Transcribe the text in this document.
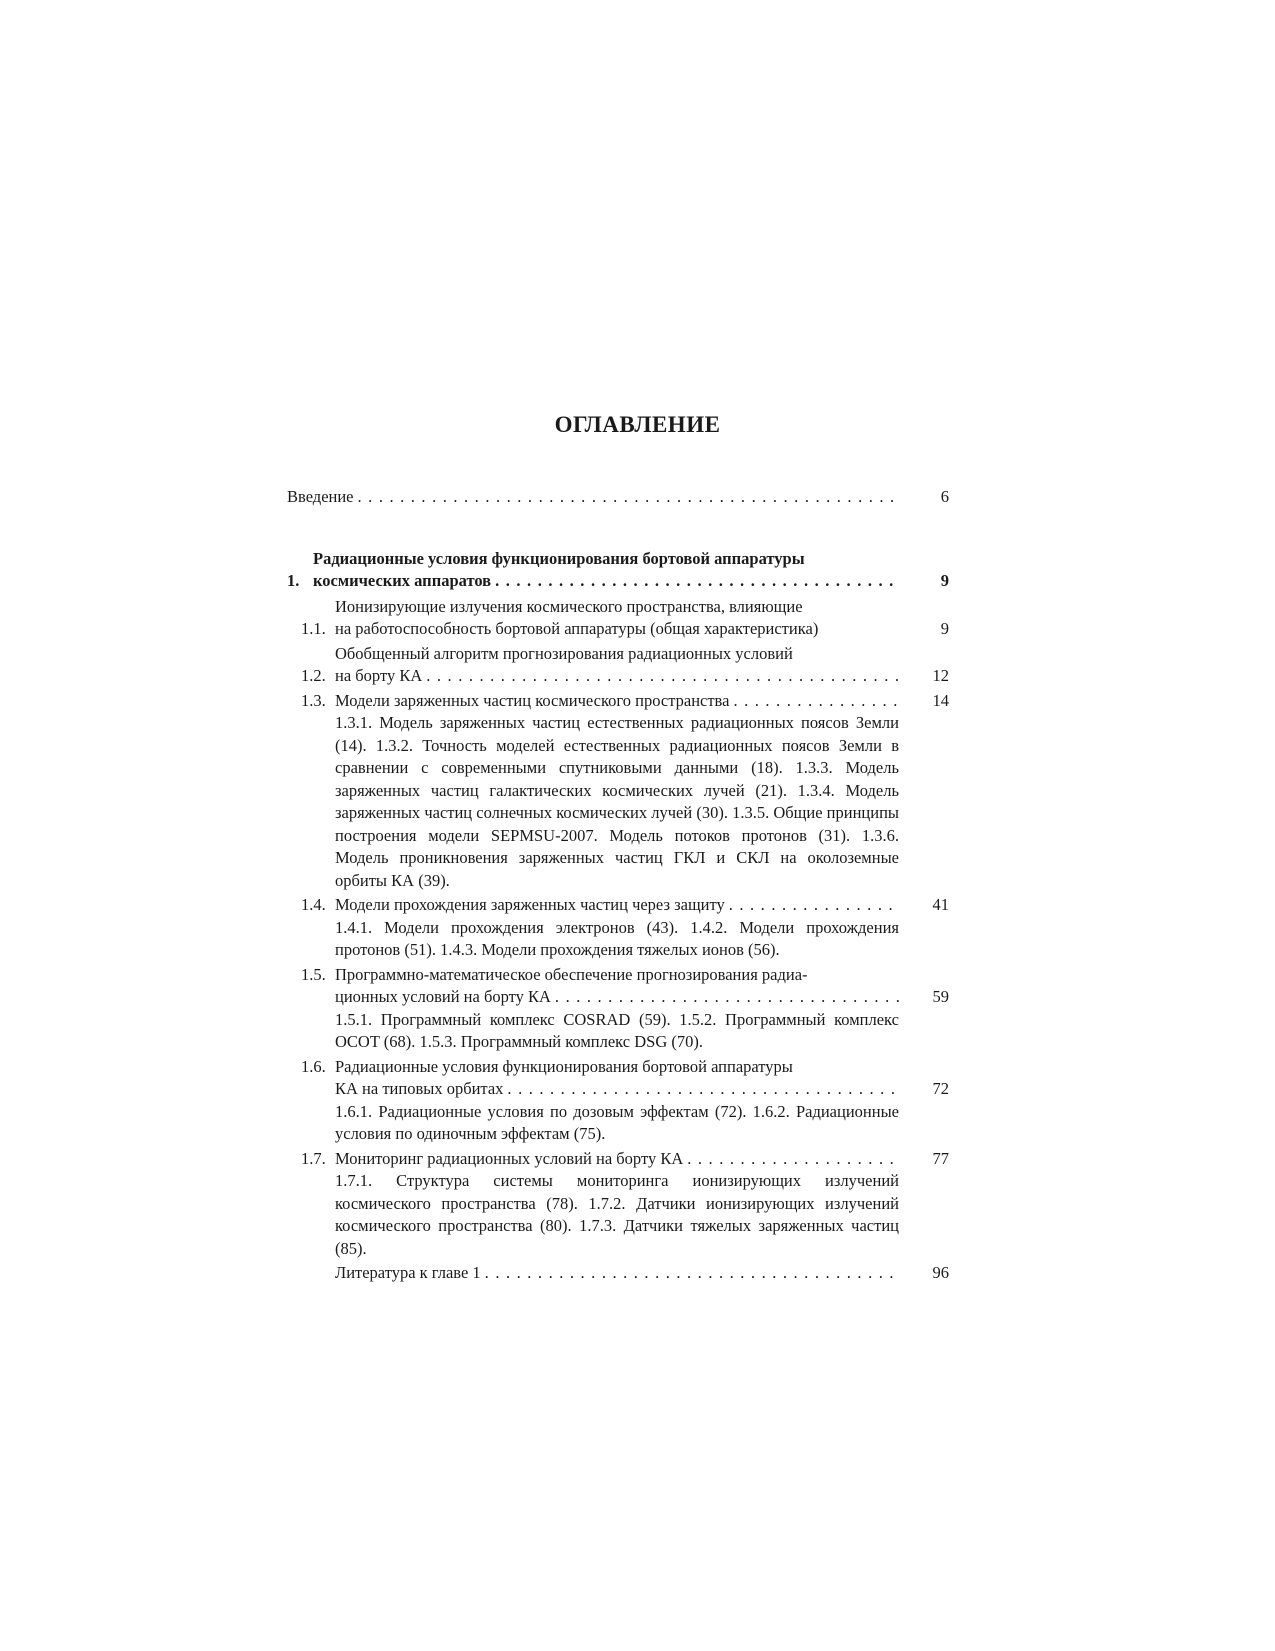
ОГЛАВЛЕНИЕ
Введение . . .	6
1.
Радиационные условия функционирования бортовой аппаратуры
космических аппаратов . . .	9
1.1.
Ионизирующие излучения космического пространства, влияющие
на работоспособность бортовой аппаратуры (общая характеристика)	9
1.2.
Обобщенный алгоритм прогнозирования радиационных условий
на борту КА . . .	12
1.3. Модели заряженных частиц космического пространства . . .	14
1.3.1. Модель заряженных частиц естественных радиационных поясов Земли (14). 1.3.2. Точность моделей естественных радиационных поясов Земли в сравнении с современными спутниковыми данными (18). 1.3.3. Модель заряженных частиц галактических космических лучей (21). 1.3.4. Модель заряженных частиц солнечных космических лучей (30). 1.3.5. Общие принципы построения модели SEPMSU-2007. Модель потоков протонов (31). 1.3.6. Модель проникновения заряженных частиц ГКЛ и СКЛ на околоземные орбиты КА (39).
1.4. Модели прохождения заряженных частиц через защиту . . .	41
1.4.1. Модели прохождения электронов (43). 1.4.2. Модели прохождения протонов (51). 1.4.3. Модели прохождения тяжелых ионов (56).
1.5. Программно-математическое обеспечение прогнозирования радиа-
ционных условий на борту КА . . .	59
1.5.1. Программный комплекс COSRAD (59). 1.5.2. Программный комплекс OCOT (68). 1.5.3. Программный комплекс DSG (70).
1.6. Радиационные условия функционирования бортовой аппаратуры
КА на типовых орбитах . . .	72
1.6.1. Радиационные условия по дозовым эффектам (72). 1.6.2. Радиационные условия по одиночным эффектам (75).
1.7. Мониторинг радиационных условий на борту КА . . .	77
1.7.1. Структура системы мониторинга ионизирующих излучений космического пространства (78). 1.7.2. Датчики ионизирующих излучений космического пространства (80). 1.7.3. Датчики тяжелых заряженных частиц (85).
Литература к главе 1 . . .	96
